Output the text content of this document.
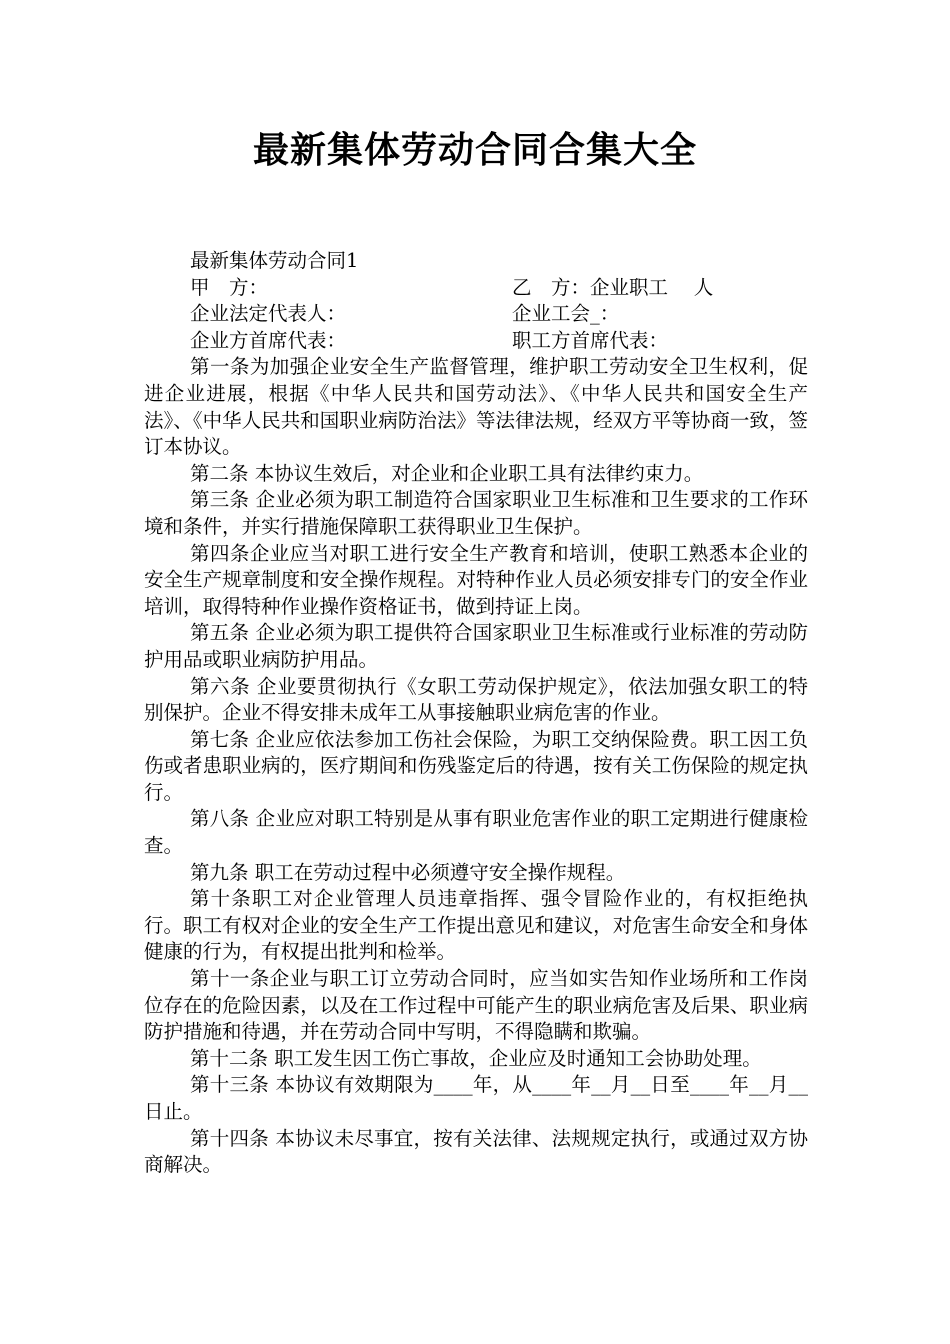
最新集体劳动合同合集大全
最新集体劳动合同1
甲　方：	乙　方：企业职工　 人
企业法定代表人：	企业工会_：
企业方首席代表：	职工方首席代表：

第一条为加强企业安全生产监督管理，维护职工劳动安全卫生权利，促进企业进展，根据《中华人民共和国劳动法》、《中华人民共和国安全生产法》、《中华人民共和国职业病防治法》等法律法规，经双方平等协商一致，签订本协议。

第二条 本协议生效后，对企业和企业职工具有法律约束力。

第三条 企业必须为职工制造符合国家职业卫生标准和卫生要求的工作环境和条件，并实行措施保障职工获得职业卫生保护。

第四条企业应当对职工进行安全生产教育和培训，使职工熟悉本企业的安全生产规章制度和安全操作规程。对特种作业人员必须安排专门的安全作业培训，取得特种作业操作资格证书，做到持证上岗。

第五条 企业必须为职工提供符合国家职业卫生标准或行业标准的劳动防护用品或职业病防护用品。

第六条 企业要贯彻执行《女职工劳动保护规定》，依法加强女职工的特别保护。企业不得安排未成年工从事接触职业病危害的作业。

第七条 企业应依法参加工伤社会保险，为职工交纳保险费。职工因工负伤或者患职业病的，医疗期间和伤残鉴定后的待遇，按有关工伤保险的规定执行。

第八条 企业应对职工特别是从事有职业危害作业的职工定期进行健康检查。

第九条 职工在劳动过程中必须遵守安全操作规程。

第十条职工对企业管理人员违章指挥、强令冒险作业的，有权拒绝执行。职工有权对企业的安全生产工作提出意见和建议，对危害生命安全和身体健康的行为，有权提出批判和检举。

第十一条企业与职工订立劳动合同时，应当如实告知作业场所和工作岗位存在的危险因素，以及在工作过程中可能产生的职业病危害及后果、职业病防护措施和待遇，并在劳动合同中写明，不得隐瞒和欺骗。

第十二条 职工发生因工伤亡事故，企业应及时通知工会协助处理。

第十三条 本协议有效期限为____年，从____年__月__日至____年__月__日止。

第十四条 本协议未尽事宜，按有关法律、法规规定执行，或通过双方协商解决。
